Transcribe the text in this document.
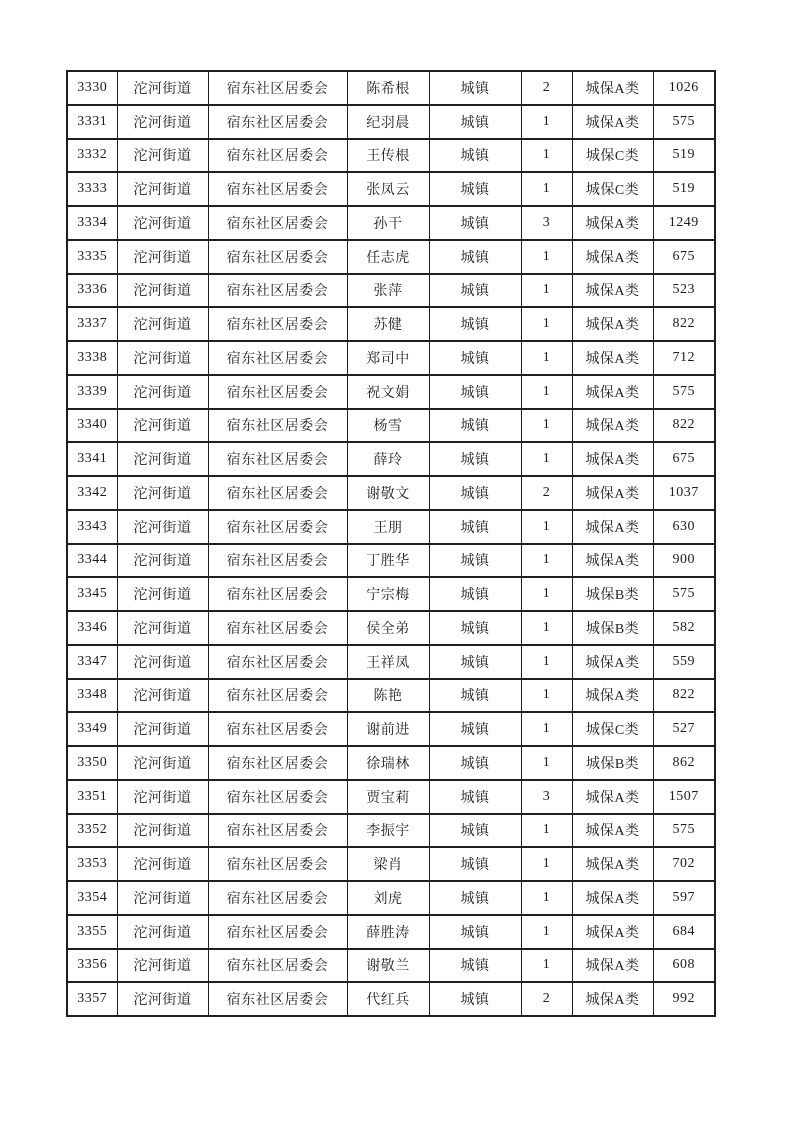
3330	沱河街道	宿东社区居委会	陈希根	城镇	2	城保A类	1026
3331	沱河街道	宿东社区居委会	纪羽晨	城镇	1	城保A类	575
3332	沱河街道	宿东社区居委会	王传根	城镇	1	城保C类	519
3333	沱河街道	宿东社区居委会	张凤云	城镇	1	城保C类	519
3334	沱河街道	宿东社区居委会	孙干	城镇	3	城保A类	1249
3335	沱河街道	宿东社区居委会	任志虎	城镇	1	城保A类	675
3336	沱河街道	宿东社区居委会	张萍	城镇	1	城保A类	523
3337	沱河街道	宿东社区居委会	苏健	城镇	1	城保A类	822
3338	沱河街道	宿东社区居委会	郑司中	城镇	1	城保A类	712
3339	沱河街道	宿东社区居委会	祝文娟	城镇	1	城保A类	575
3340	沱河街道	宿东社区居委会	杨雪	城镇	1	城保A类	822
3341	沱河街道	宿东社区居委会	薛玲	城镇	1	城保A类	675
3342	沱河街道	宿东社区居委会	谢敬文	城镇	2	城保A类	1037
3343	沱河街道	宿东社区居委会	王朋	城镇	1	城保A类	630
3344	沱河街道	宿东社区居委会	丁胜华	城镇	1	城保A类	900
3345	沱河街道	宿东社区居委会	宁宗梅	城镇	1	城保B类	575
3346	沱河街道	宿东社区居委会	侯全弟	城镇	1	城保B类	582
3347	沱河街道	宿东社区居委会	王祥凤	城镇	1	城保A类	559
3348	沱河街道	宿东社区居委会	陈艳	城镇	1	城保A类	822
3349	沱河街道	宿东社区居委会	谢前进	城镇	1	城保C类	527
3350	沱河街道	宿东社区居委会	徐瑞林	城镇	1	城保B类	862
3351	沱河街道	宿东社区居委会	贾宝莉	城镇	3	城保A类	1507
3352	沱河街道	宿东社区居委会	李振宇	城镇	1	城保A类	575
3353	沱河街道	宿东社区居委会	梁肖	城镇	1	城保A类	702
3354	沱河街道	宿东社区居委会	刘虎	城镇	1	城保A类	597
3355	沱河街道	宿东社区居委会	薛胜涛	城镇	1	城保A类	684
3356	沱河街道	宿东社区居委会	谢敬兰	城镇	1	城保A类	608
3357	沱河街道	宿东社区居委会	代红兵	城镇	2	城保A类	992
